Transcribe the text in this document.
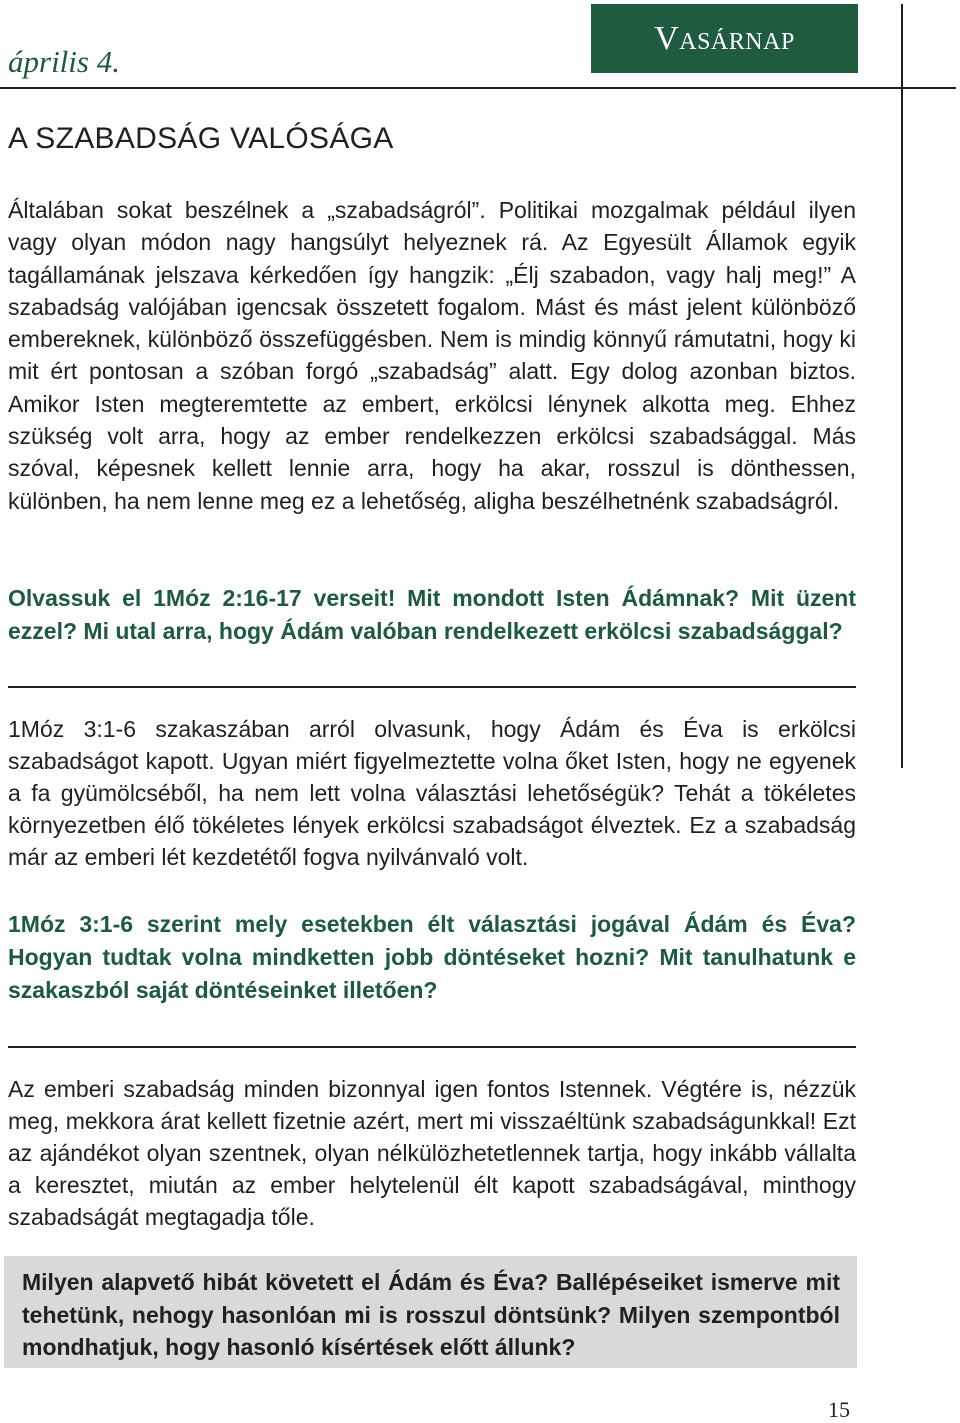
április 4.
Vasárnap
A SZABADSÁG VALÓSÁGA

Általában sokat beszélnek a „szabadságról”. Politikai mozgalmak például ilyen vagy olyan módon nagy hangsúlyt helyeznek rá. Az Egyesült Államok egyik tagállamának jelszava kérkedően így hangzik: „Élj szabadon, vagy halj meg!” A szabadság valójában igencsak összetett fogalom. Mást és mást jelent különböző embereknek, különböző összefüggésben. Nem is mindig könnyű rámutatni, hogy ki mit ért pontosan a szóban forgó „szabadság” alatt. Egy dolog azonban biztos. Amikor Isten megteremtette az embert, erkölcsi lénynek alkotta meg. Ehhez szükség volt arra, hogy az ember rendelkezzen erkölcsi szabadsággal. Más szóval, képesnek kellett lennie arra, hogy ha akar, rosszul is dönthessen, különben, ha nem lenne meg ez a lehetőség, aligha beszélhetnénk szabadságról.

Olvassuk el 1Móz 2:16-17 verseit! Mit mondott Isten Ádámnak? Mit üzent ezzel? Mi utal arra, hogy Ádám valóban rendelkezett erkölcsi szabadsággal?

1Móz 3:1-6 szakaszában arról olvasunk, hogy Ádám és Éva is erkölcsi szabadságot kapott. Ugyan miért figyelmeztette volna őket Isten, hogy ne egyenek a fa gyümölcséből, ha nem lett volna választási lehetőségük? Tehát a tökéletes környezetben élő tökéletes lények erkölcsi szabadságot élveztek. Ez a szabadság már az emberi lét kezdetétől fogva nyilvánvaló volt.

1Móz 3:1-6 szerint mely esetekben élt választási jogával Ádám és Éva? Hogyan tudtak volna mindketten jobb döntéseket hozni? Mit tanulhatunk e szakaszból saját döntéseinket illetően?

Az emberi szabadság minden bizonnyal igen fontos Istennek. Végtére is, nézzük meg, mekkora árat kellett fizetnie azért, mert mi visszaéltünk szabadságunkkal! Ezt az ajándékot olyan szentnek, olyan nélkülözhetetlennek tartja, hogy inkább vállalta a keresztet, miután az ember helytelenül élt kapott szabadságával, minthogy szabadságát megtagadja tőle.

Milyen alapvető hibát követett el Ádám és Éva? Ballépéseiket ismerve mit tehetünk, nehogy hasonlóan mi is rosszul döntsünk? Milyen szempontból mondhatjuk, hogy hasonló kísértések előtt állunk?

15
